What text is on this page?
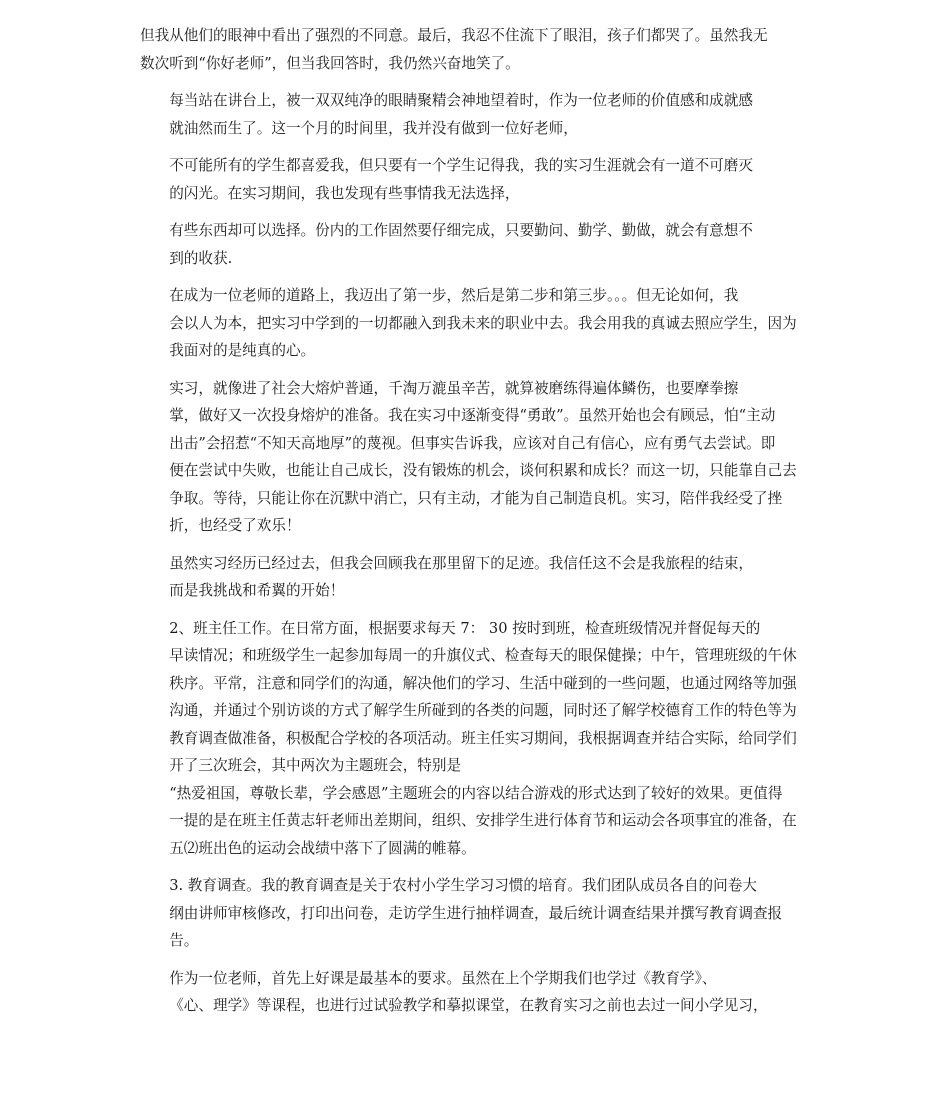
但我从他们的眼神中看出了强烈的不同意。最后，我忍不住流下了眼泪，孩子们都哭了。虽然我无
数次听到“你好老师”，但当我回答时，我仍然兴奋地笑了。

每当站在讲台上，被一双双纯净的眼睛聚精会神地望着时，作为一位老师的价值感和成就感
就油然而生了。这一个月的时间里，我并没有做到一位好老师，

不可能所有的学生都喜爱我，但只要有一个学生记得我，我的实习生涯就会有一道不可磨灭
的闪光。在实习期间，我也发现有些事情我无法选择，

有些东西却可以选择。份内的工作固然要仔细完成，只要勤问、勤学、勤做，就会有意想不
到的收获.

在成为一位老师的道路上，我迈出了第一步，然后是第二步和第三步。。。但无论如何，我
会以人为本，把实习中学到的一切都融入到我未来的职业中去。我会用我的真诚去照应学生，因为
我面对的是纯真的心。

实习，就像进了社会大熔炉普通，千淘万漉虽辛苦，就算被磨练得遍体鳞伤，也要摩拳擦
掌，做好又一次投身熔炉的准备。我在实习中逐渐变得“勇敢”。虽然开始也会有顾忌，怕“主动
出击”会招惹“不知天高地厚”的蔑视。但事实告诉我，应该对自己有信心，应有勇气去尝试。即
便在尝试中失败，也能让自己成长，没有锻炼的机会，谈何积累和成长？而这一切，只能靠自己去
争取。等待，只能让你在沉默中消亡，只有主动，才能为自己制造良机。实习，陪伴我经受了挫
折，也经受了欢乐！

虽然实习经历已经过去，但我会回顾我在那里留下的足迹。我信任这不会是我旅程的结束，
而是我挑战和希翼的开始！

2、班主任工作。在日常方面，根据要求每天 7： 30 按时到班，检查班级情况并督促每天的
早读情况；和班级学生一起参加每周一的升旗仪式、检查每天的眼保健操；中午，管理班级的午休
秩序。平常，注意和同学们的沟通，解决他们的学习、生活中碰到的一些问题，也通过网络等加强
沟通，并通过个别访谈的方式了解学生所碰到的各类的问题，同时还了解学校德育工作的特色等为
教育调查做准备，积极配合学校的各项活动。班主任实习期间，我根据调查并结合实际，给同学们
开了三次班会，其中两次为主题班会，特别是
“热爱祖国，尊敬长辈，学会感恩”主题班会的内容以结合游戏的形式达到了较好的效果。更值得
一提的是在班主任黄志轩老师出差期间，组织、安排学生进行体育节和运动会各项事宜的准备，在
五⑵班出色的运动会战绩中落下了圆满的帷幕。

3. 教育调查。我的教育调查是关于农村小学生学习习惯的培育。我们团队成员各自的问卷大
纲由讲师审核修改，打印出问卷，走访学生进行抽样调查，最后统计调查结果并撰写教育调查报
告。

作为一位老师，首先上好课是最基本的要求。虽然在上个学期我们也学过《教育学》、
《心、理学》等课程，也进行过试验教学和摹拟课堂，在教育实习之前也去过一间小学见习，
